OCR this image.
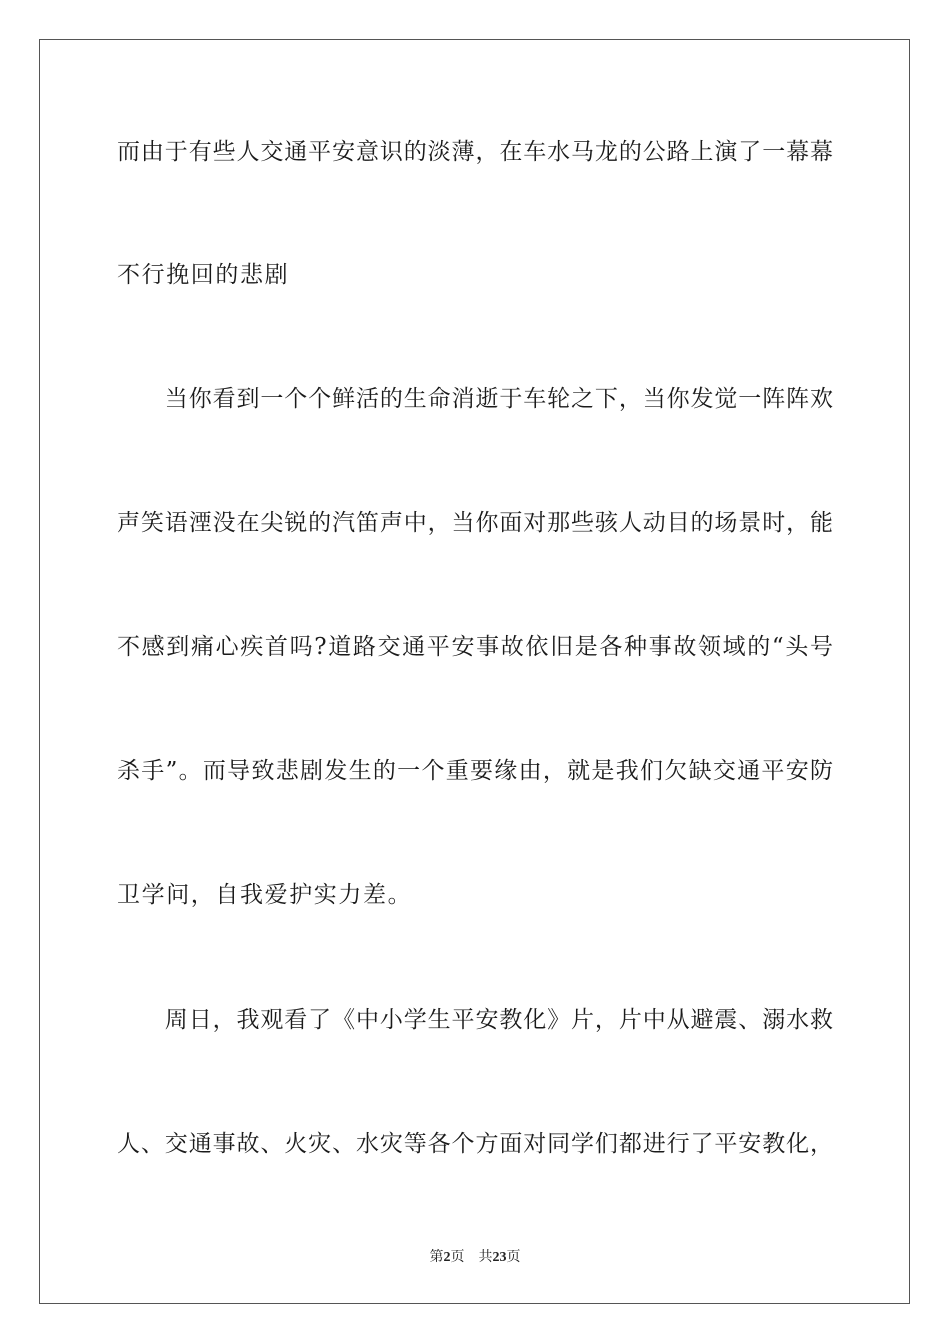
而由于有些人交通平安意识的淡薄，在车水马龙的公路上演了一幕幕
不行挽回的悲剧
　　当你看到一个个鲜活的生命消逝于车轮之下，当你发觉一阵阵欢
声笑语湮没在尖锐的汽笛声中，当你面对那些骇人动目的场景时，能
不感到痛心疾首吗?道路交通平安事故依旧是各种事故领域的“头号
杀手”。而导致悲剧发生的一个重要缘由，就是我们欠缺交通平安防
卫学问，自我爱护实力差。
　　周日，我观看了《中小学生平安教化》片，片中从避震、溺水救
人、交通事故、火灾、水灾等各个方面对同学们都进行了平安教化，
第2页 共23页
